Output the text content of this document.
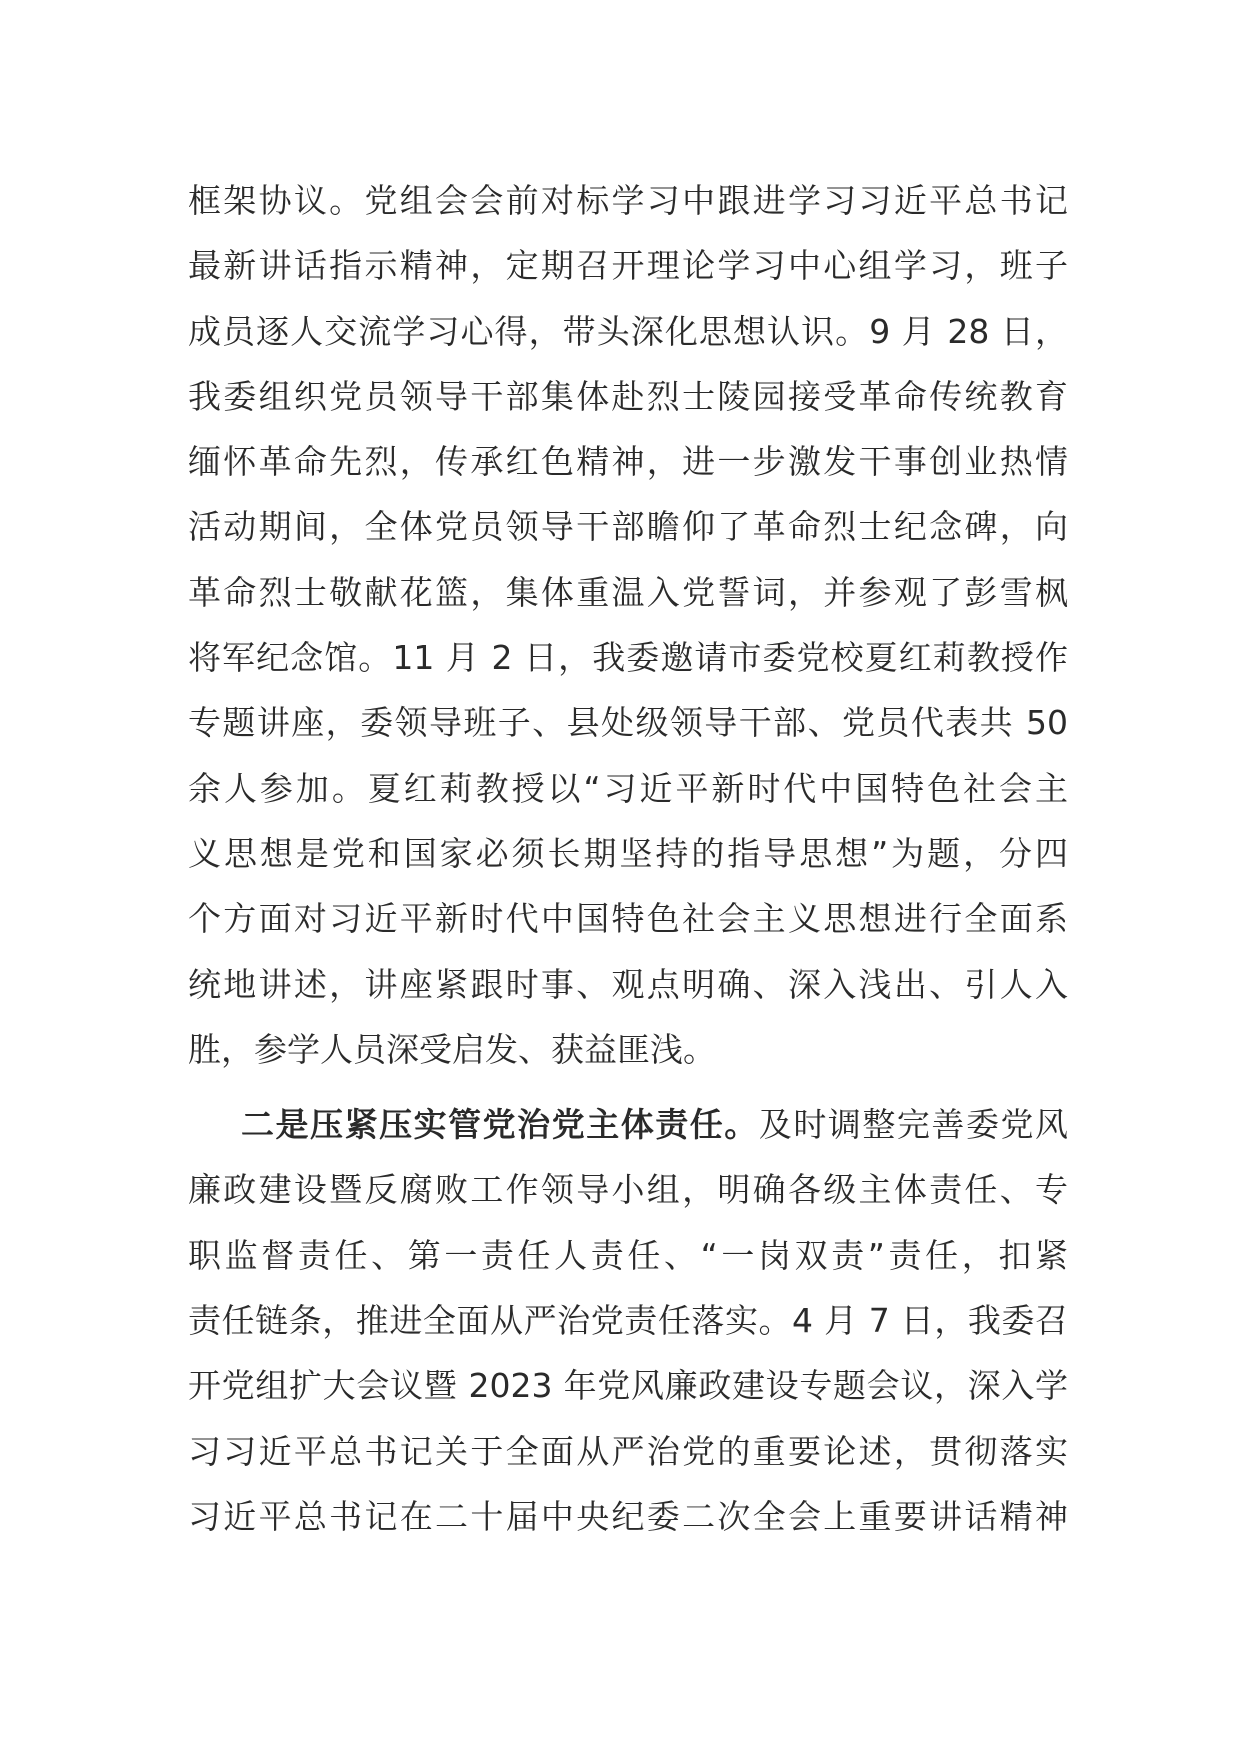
框架协议。党组会会前对标学习中跟进学习习近平总书记
最新讲话指示精神，定期召开理论学习中心组学习，班子
成员逐人交流学习心得，带头深化思想认识。9 月 28 日，
我委组织党员领导干部集体赴烈士陵园接受革命传统教育
缅怀革命先烈，传承红色精神，进一步激发干事创业热情
活动期间，全体党员领导干部瞻仰了革命烈士纪念碑，向
革命烈士敬献花篮，集体重温入党誓词，并参观了彭雪枫
将军纪念馆。11 月 2 日，我委邀请市委党校夏红莉教授作
专题讲座，委领导班子、县处级领导干部、党员代表共 50
余人参加。夏红莉教授以“习近平新时代中国特色社会主
义思想是党和国家必须长期坚持的指导思想”为题，分四
个方面对习近平新时代中国特色社会主义思想进行全面系
统地讲述，讲座紧跟时事、观点明确、深入浅出、引人入
胜，参学人员深受启发、获益匪浅。
二是压紧压实管党治党主体责任。及时调整完善委党风
廉政建设暨反腐败工作领导小组，明确各级主体责任、专
职监督责任、第一责任人责任、“一岗双责”责任，扣紧
责任链条，推进全面从严治党责任落实。4 月 7 日，我委召
开党组扩大会议暨 2023 年党风廉政建设专题会议，深入学
习习近平总书记关于全面从严治党的重要论述，贯彻落实
习近平总书记在二十届中央纪委二次全会上重要讲话精神
